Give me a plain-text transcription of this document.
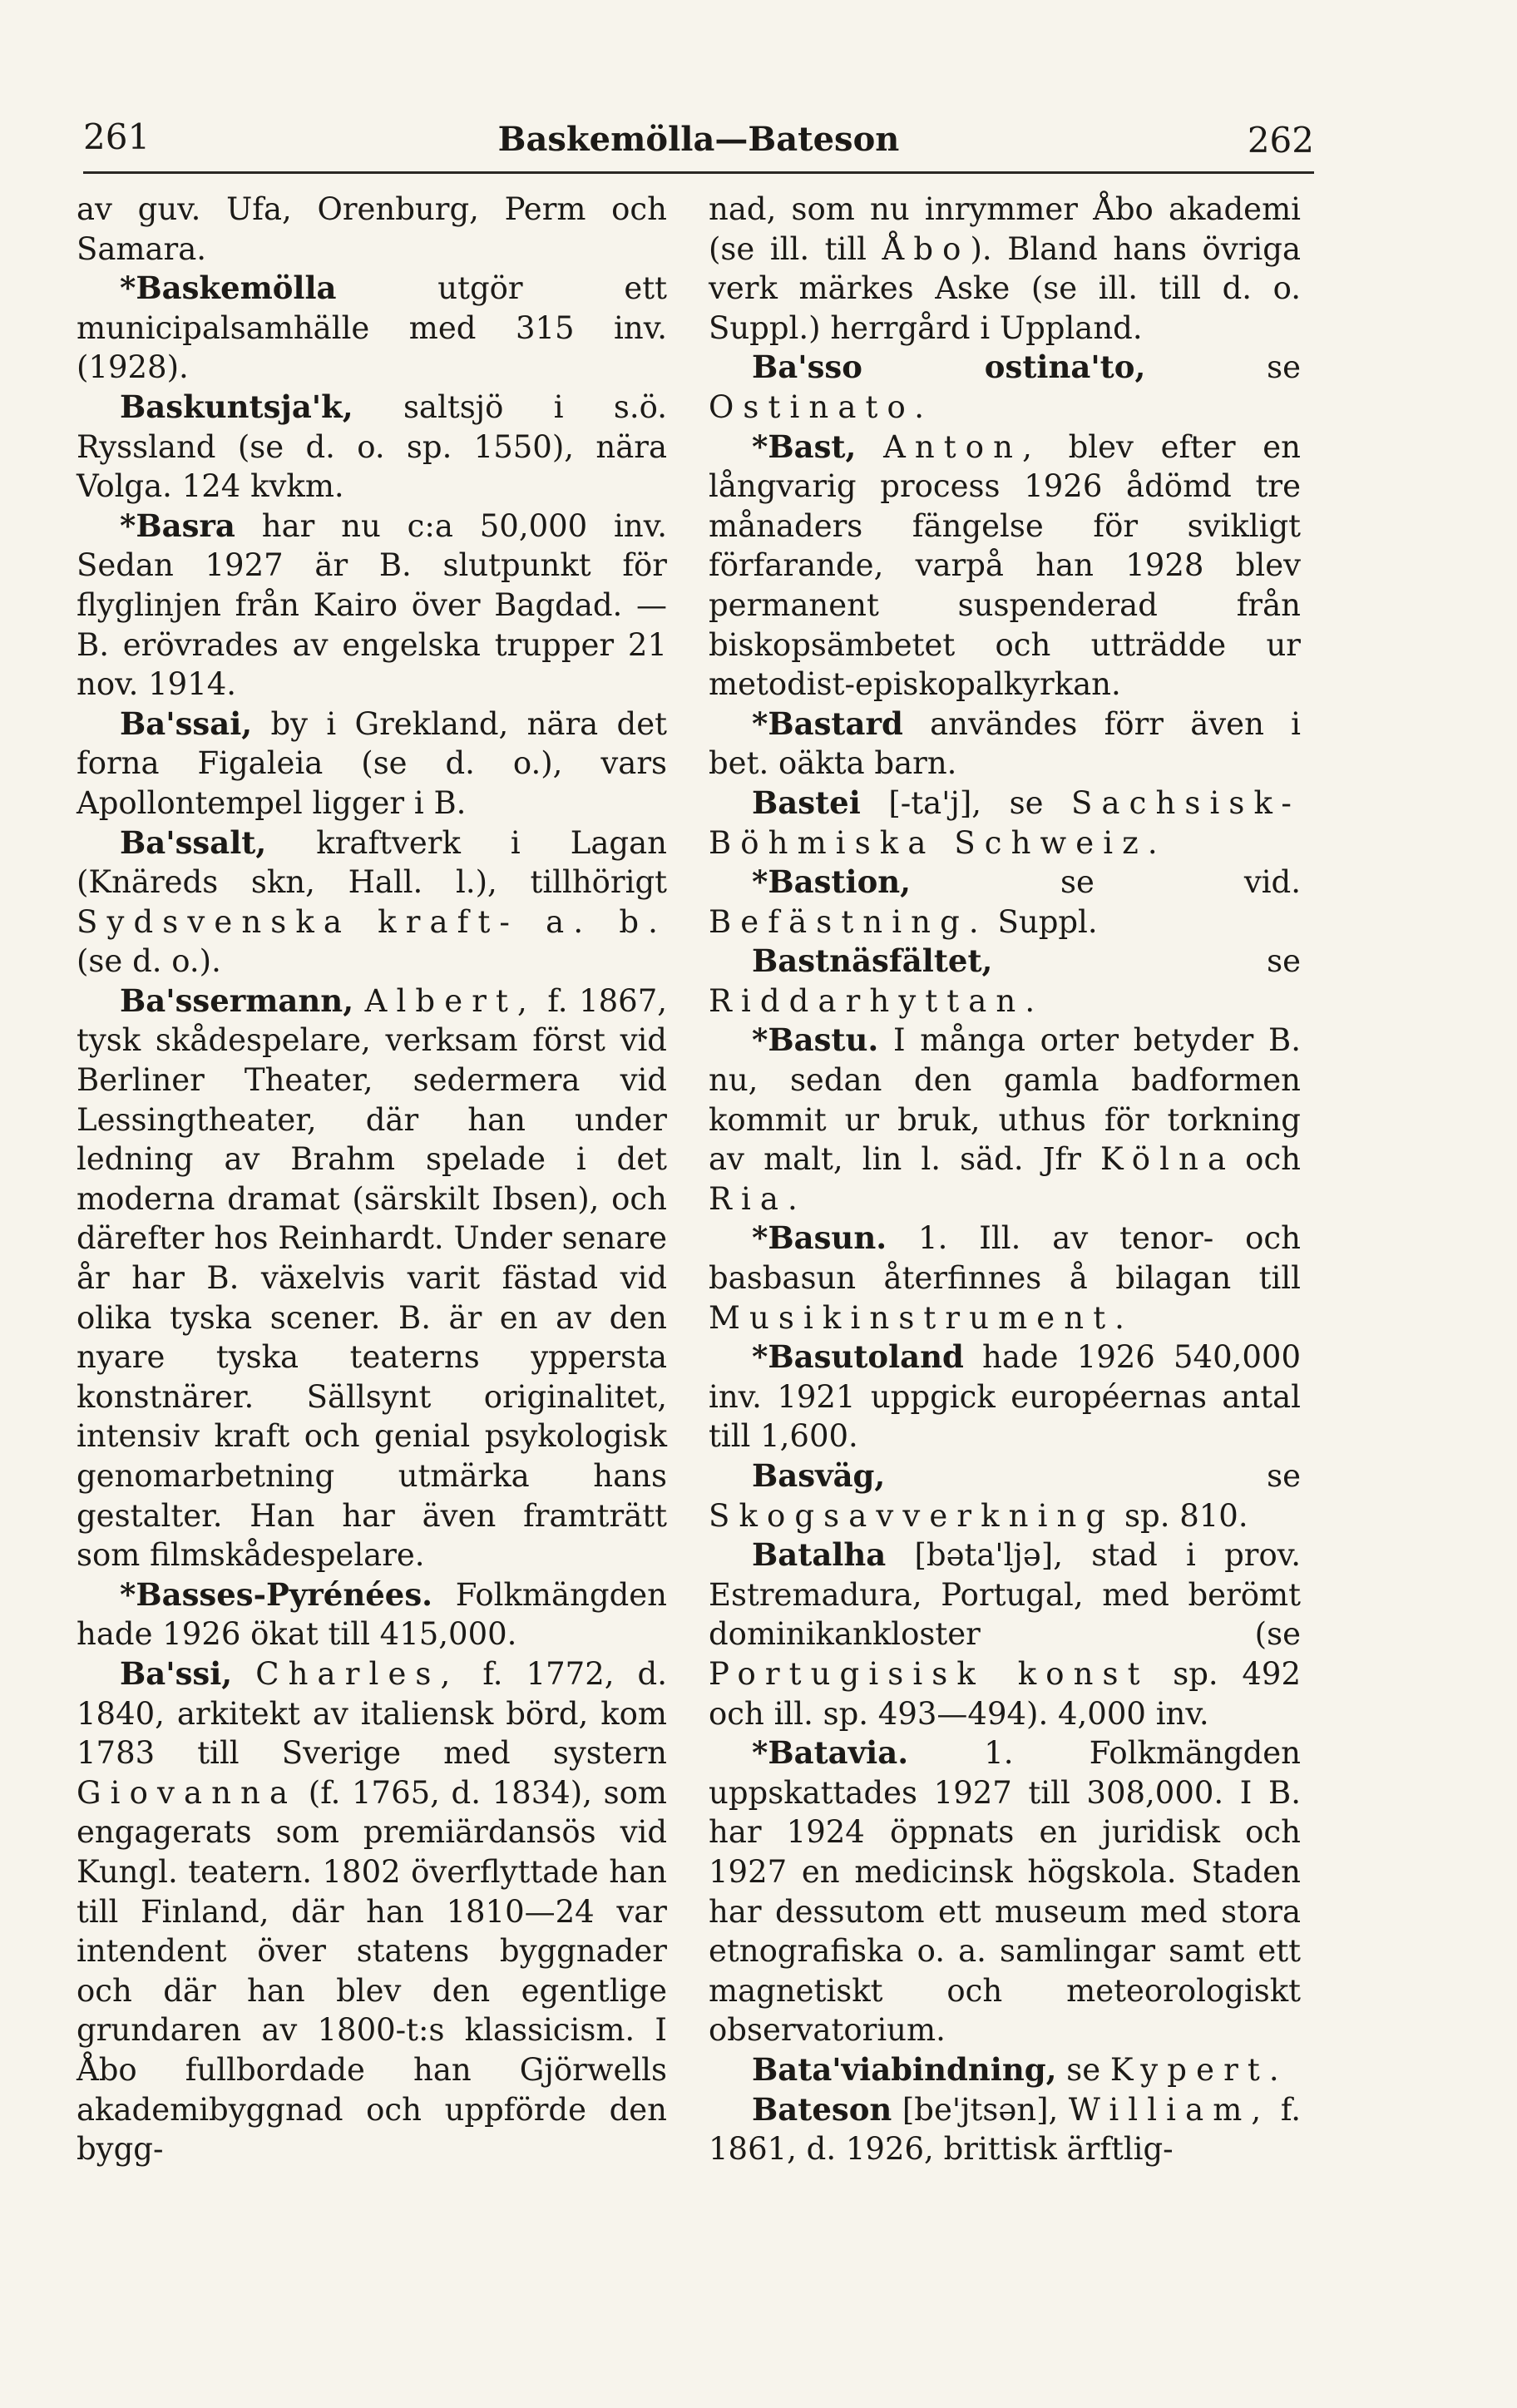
261	Baskemölla—Bateson	262

av guv. Ufa, Orenburg, Perm och Samara.

*Baskemölla utgör ett municipalsamhälle med 315 inv. (1928).

Baskuntsja'k, saltsjö i s.ö. Ryssland (se d. o. sp. 1550), nära Volga. 124 kvkm.

*Basra har nu c:a 50,000 inv. Sedan 1927 är B. slutpunkt för flyglinjen från Kairo över Bagdad. — B. erövrades av engelska trupper 21 nov. 1914.

Ba'ssai, by i Grekland, nära det forna Figaleia (se d. o.), vars Apollontempel ligger i B.

Ba'ssalt, kraftverk i Lagan (Knäreds skn, Hall. l.), tillhörigt Sydsvenska kraft- a. b. (se d. o.).

Ba'ssermann, Albert, f. 1867, tysk skådespelare, verksam först vid Berliner Theater, sedermera vid Lessingtheater, där han under ledning av Brahm spelade i det moderna dramat (särskilt Ibsen), och därefter hos Reinhardt. Under senare år har B. växelvis varit fästad vid olika tyska scener. B. är en av den nyare tyska teaterns yppersta konstnärer. Sällsynt originalitet, intensiv kraft och genial psykologisk genomarbetning utmärka hans gestalter. Han har även framträtt som filmskådespelare.

*Basses-Pyrénées. Folkmängden hade 1926 ökat till 415,000.

Ba'ssi, Charles, f. 1772, d. 1840, arkitekt av italiensk börd, kom 1783 till Sverige med systern Giovanna (f. 1765, d. 1834), som engagerats som premiärdansös vid Kungl. teatern. 1802 överflyttade han till Finland, där han 1810—24 var intendent över statens byggnader och där han blev den egentlige grundaren av 1800-t:s klassicism. I Åbo fullbordade han Gjörwells akademibyggnad och uppförde den bygg-

nad, som nu inrymmer Åbo akademi (se ill. till Åbo). Bland hans övriga verk märkes Aske (se ill. till d. o. Suppl.) herrgård i Uppland.

Ba'sso ostina'to, se Ostinato.

*Bast, Anton, blev efter en långvarig process 1926 ådömd tre månaders fängelse för svikligt förfarande, varpå han 1928 blev permanent suspenderad från biskopsämbetet och utträdde ur metodist-episkopalkyrkan.

*Bastard användes förr även i bet. oäkta barn.

Bastei [-ta'j], se Sachsisk-Böhmiska Schweiz.

*Bastion, se vid. Befästning. Suppl.

Bastnäsfältet, se Riddarhyttan.

*Bastu. I många orter betyder B. nu, sedan den gamla badformen kommit ur bruk, uthus för torkning av malt, lin l. säd. Jfr Kölna och Ria.

*Basun. 1. Ill. av tenor- och basbasun återfinnes å bilagan till Musikinstrument.

*Basutoland hade 1926 540,000 inv. 1921 uppgick européernas antal till 1,600.

Basväg, se Skogsavverkning sp. 810.

Batalha [bəta'ljə], stad i prov. Estremadura, Portugal, med berömt dominikankloster (se Portugisisk konst sp. 492 och ill. sp. 493—494). 4,000 inv.

*Batavia. 1. Folkmängden uppskattades 1927 till 308,000. I B. har 1924 öppnats en juridisk och 1927 en medicinsk högskola. Staden har dessutom ett museum med stora etnografiska o. a. samlingar samt ett magnetiskt och meteorologiskt observatorium.

Bata'viabindning, se Kypert.

Bateson [be'jtsən], William, f. 1861, d. 1926, brittisk ärftlig-
